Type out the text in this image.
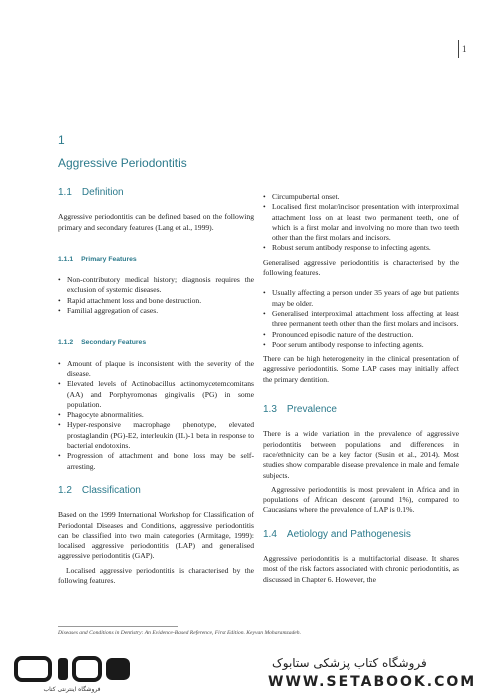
1
1
Aggressive Periodontitis
1.1 Definition

Aggressive periodontitis can be defined based on the following primary and secondary features (Lang et al., 1999).

1.1.1 Primary Features
• Non-contributory medical history; diagnosis requires the exclusion of systemic diseases.
• Rapid attachment loss and bone destruction.
• Familial aggregation of cases.
1.1.2 Secondary Features
• Amount of plaque is inconsistent with the severity of the disease.
• Elevated levels of Actinobacillus actinomycetemcomitans (AA) and Porphyromonas gingivalis (PG) in some population.
• Phagocyte abnormalities.
• Hyper-responsive macrophage phenotype, elevated prostaglandin (PG)-E2, interleukin (IL)-1 beta in response to bacterial endotoxins.
• Progression of attachment and bone loss may be self-arresting.
1.2 Classification

Based on the 1999 International Workshop for Classification of Periodontal Diseases and Conditions, aggressive periodontitis can be classified into two main categories (Armitage, 1999): localised aggressive periodontitis (LAP) and generalised aggressive periodontitis (GAP).

Localised aggressive periodontitis is characterised by the following features.

• Circumpubertal onset.
• Localised first molar/incisor presentation with interproximal attachment loss on at least two permanent teeth, one of which is a first molar and involving no more than two teeth other than the first molars and incisors.
• Robust serum antibody response to infecting agents.

Generalised aggressive periodontitis is characterised by the following features.

• Usually affecting a person under 35 years of age but patients may be older.
• Generalised interproximal attachment loss affecting at least three permanent teeth other than the first molars and incisors.
• Pronounced episodic nature of the destruction.
• Poor serum antibody response to infecting agents.

There can be high heterogeneity in the clinical presentation of aggressive periodontitis. Some LAP cases may initially affect the primary dentition.

1.3 Prevalence

There is a wide variation in the prevalence of aggressive periodontitis between populations and differences in race/ethnicity can be a key factor (Susin et al., 2014). Most studies show comparable disease prevalence in male and female subjects.

Aggressive periodontitis is most prevalent in Africa and in populations of African descent (around 1%), compared to Caucasians where the prevalence of LAP is 0.1%.

1.4 Aetiology and Pathogenesis

Aggressive periodontitis is a multifactorial disease. It shares most of the risk factors associated with chronic periodontitis, as discussed in Chapter 6. However, the

Diseases and Conditions in Dentistry: An Evidence-Based Reference, First Edition. Keyvan Moharamzadeh.
فروشگاه اینترنتی کتاب
فروشگاه کتاب پزشکی ستابوک
WWW.SETABOOK.COM
